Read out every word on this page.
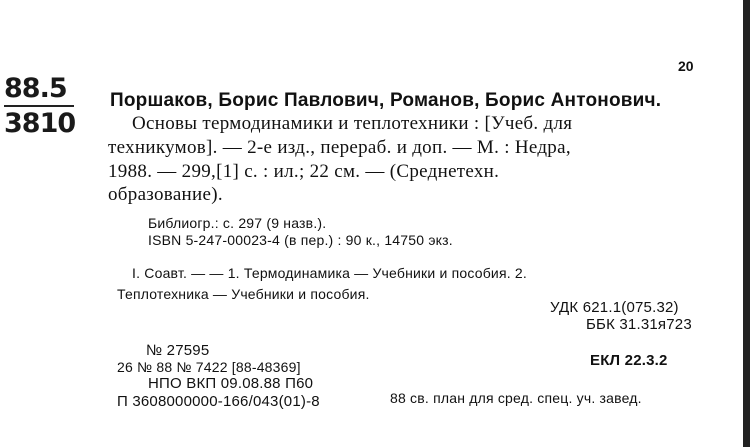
88.5
3810
20
Поршаков, Борис Павлович, Романов, Борис Антонович.
Основы термодинамики и теплотехники : [Учеб. для
техникумов]. — 2-е изд., перераб. и доп. — М. : Недра,
1988. — 299,[1] с. : ил.; 22 см. — (Среднетехн.
образование).
Библиогр.: с. 297 (9 назв.).
ISBN 5-247-00023-4 (в пер.) : 90 к., 14750 экз.
I. Соавт. — — 1. Термодинамика — Учебники и пособия. 2.
Теплотехника — Учебники и пособия.
УДК 621.1(075.32)
ББК 31.31я723
№ 27595
26 № 88 № 7422 [88-48369]	ЕКЛ 22.3.2
НПО ВКП 09.08.88 П60
П 3608000000-166/043(01)-8	88 св. план для сред. спец. уч. завед.
